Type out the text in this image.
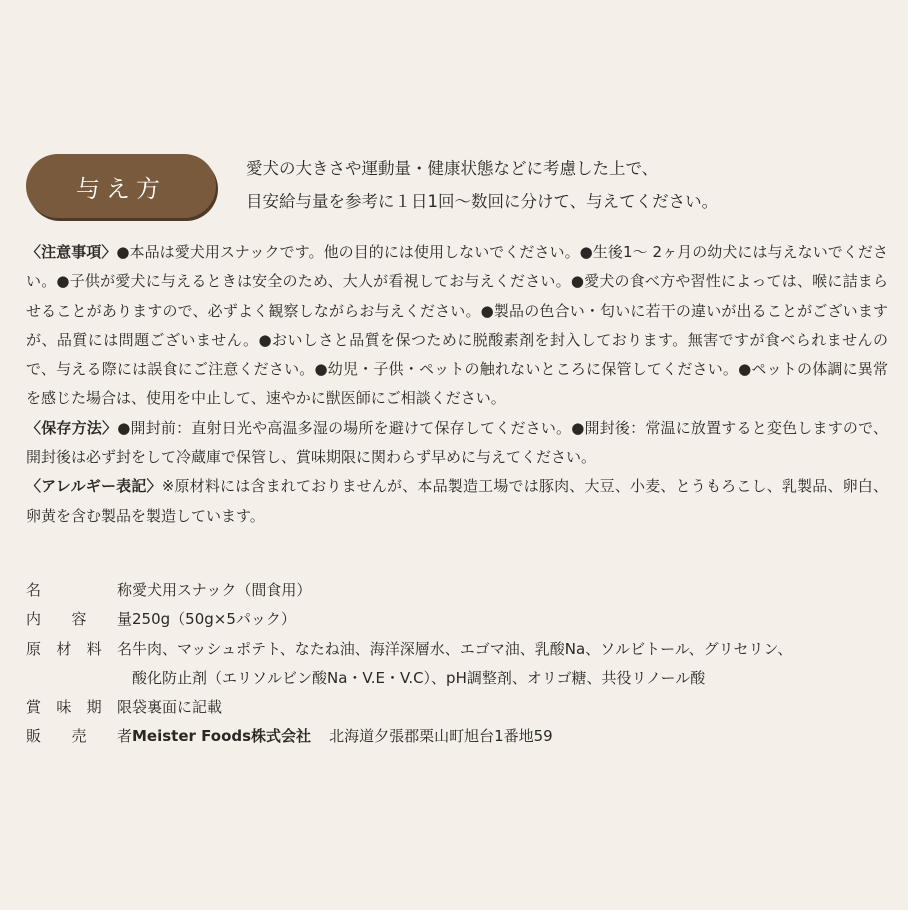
与え方
愛犬の大きさや運動量・健康状態などに考慮した上で、
目安給与量を参考に１日1回〜数回に分けて、与えてください。

〈注意事項〉●本品は愛犬用スナックです。他の目的には使用しないでください。●生後1〜 2ヶ月の幼犬には与えないでください。●子供が愛犬に与えるときは安全のため、大人が看視してお与えください。●愛犬の食べ方や習性によっては、喉に詰まらせることがありますので、必ずよく観察しながらお与えください。●製品の色合い・匂いに若干の違いが出ることがございますが、品質には問題ございません。●おいしさと品質を保つために脱酸素剤を封入しております。無害ですが食べられませんので、与える際には誤食にご注意ください。●幼児・子供・ペットの触れないところに保管してください。●ペットの体調に異常を感じた場合は、使用を中止して、速やかに獣医師にご相談ください。

〈保存方法〉●開封前：直射日光や高温多湿の場所を避けて保存してください。●開封後：常温に放置すると変色しますので、開封後は必ず封をして冷蔵庫で保管し、賞味期限に関わらず早めに与えてください。

〈アレルギー表記〉※原材料には含まれておりませんが、本品製造工場では豚肉、大豆、小麦、とうもろこし、乳製品、卵白、卵黄を含む製品を製造しています。

名称 愛犬用スナック（間食用）
内容量 250g（50g×5パック）
原材料名 牛肉、マッシュポテト、なたね油、海洋深層水、エゴマ油、乳酸Na、ソルビトール、グリセリン、
酸化防止剤（エリソルビン酸Na・V.E・V.C）、pH調整剤、オリゴ糖、共役リノール酸
賞味期限 袋裏面に記載
販売者 Meister Foods株式会社 北海道夕張郡栗山町旭台1番地59
